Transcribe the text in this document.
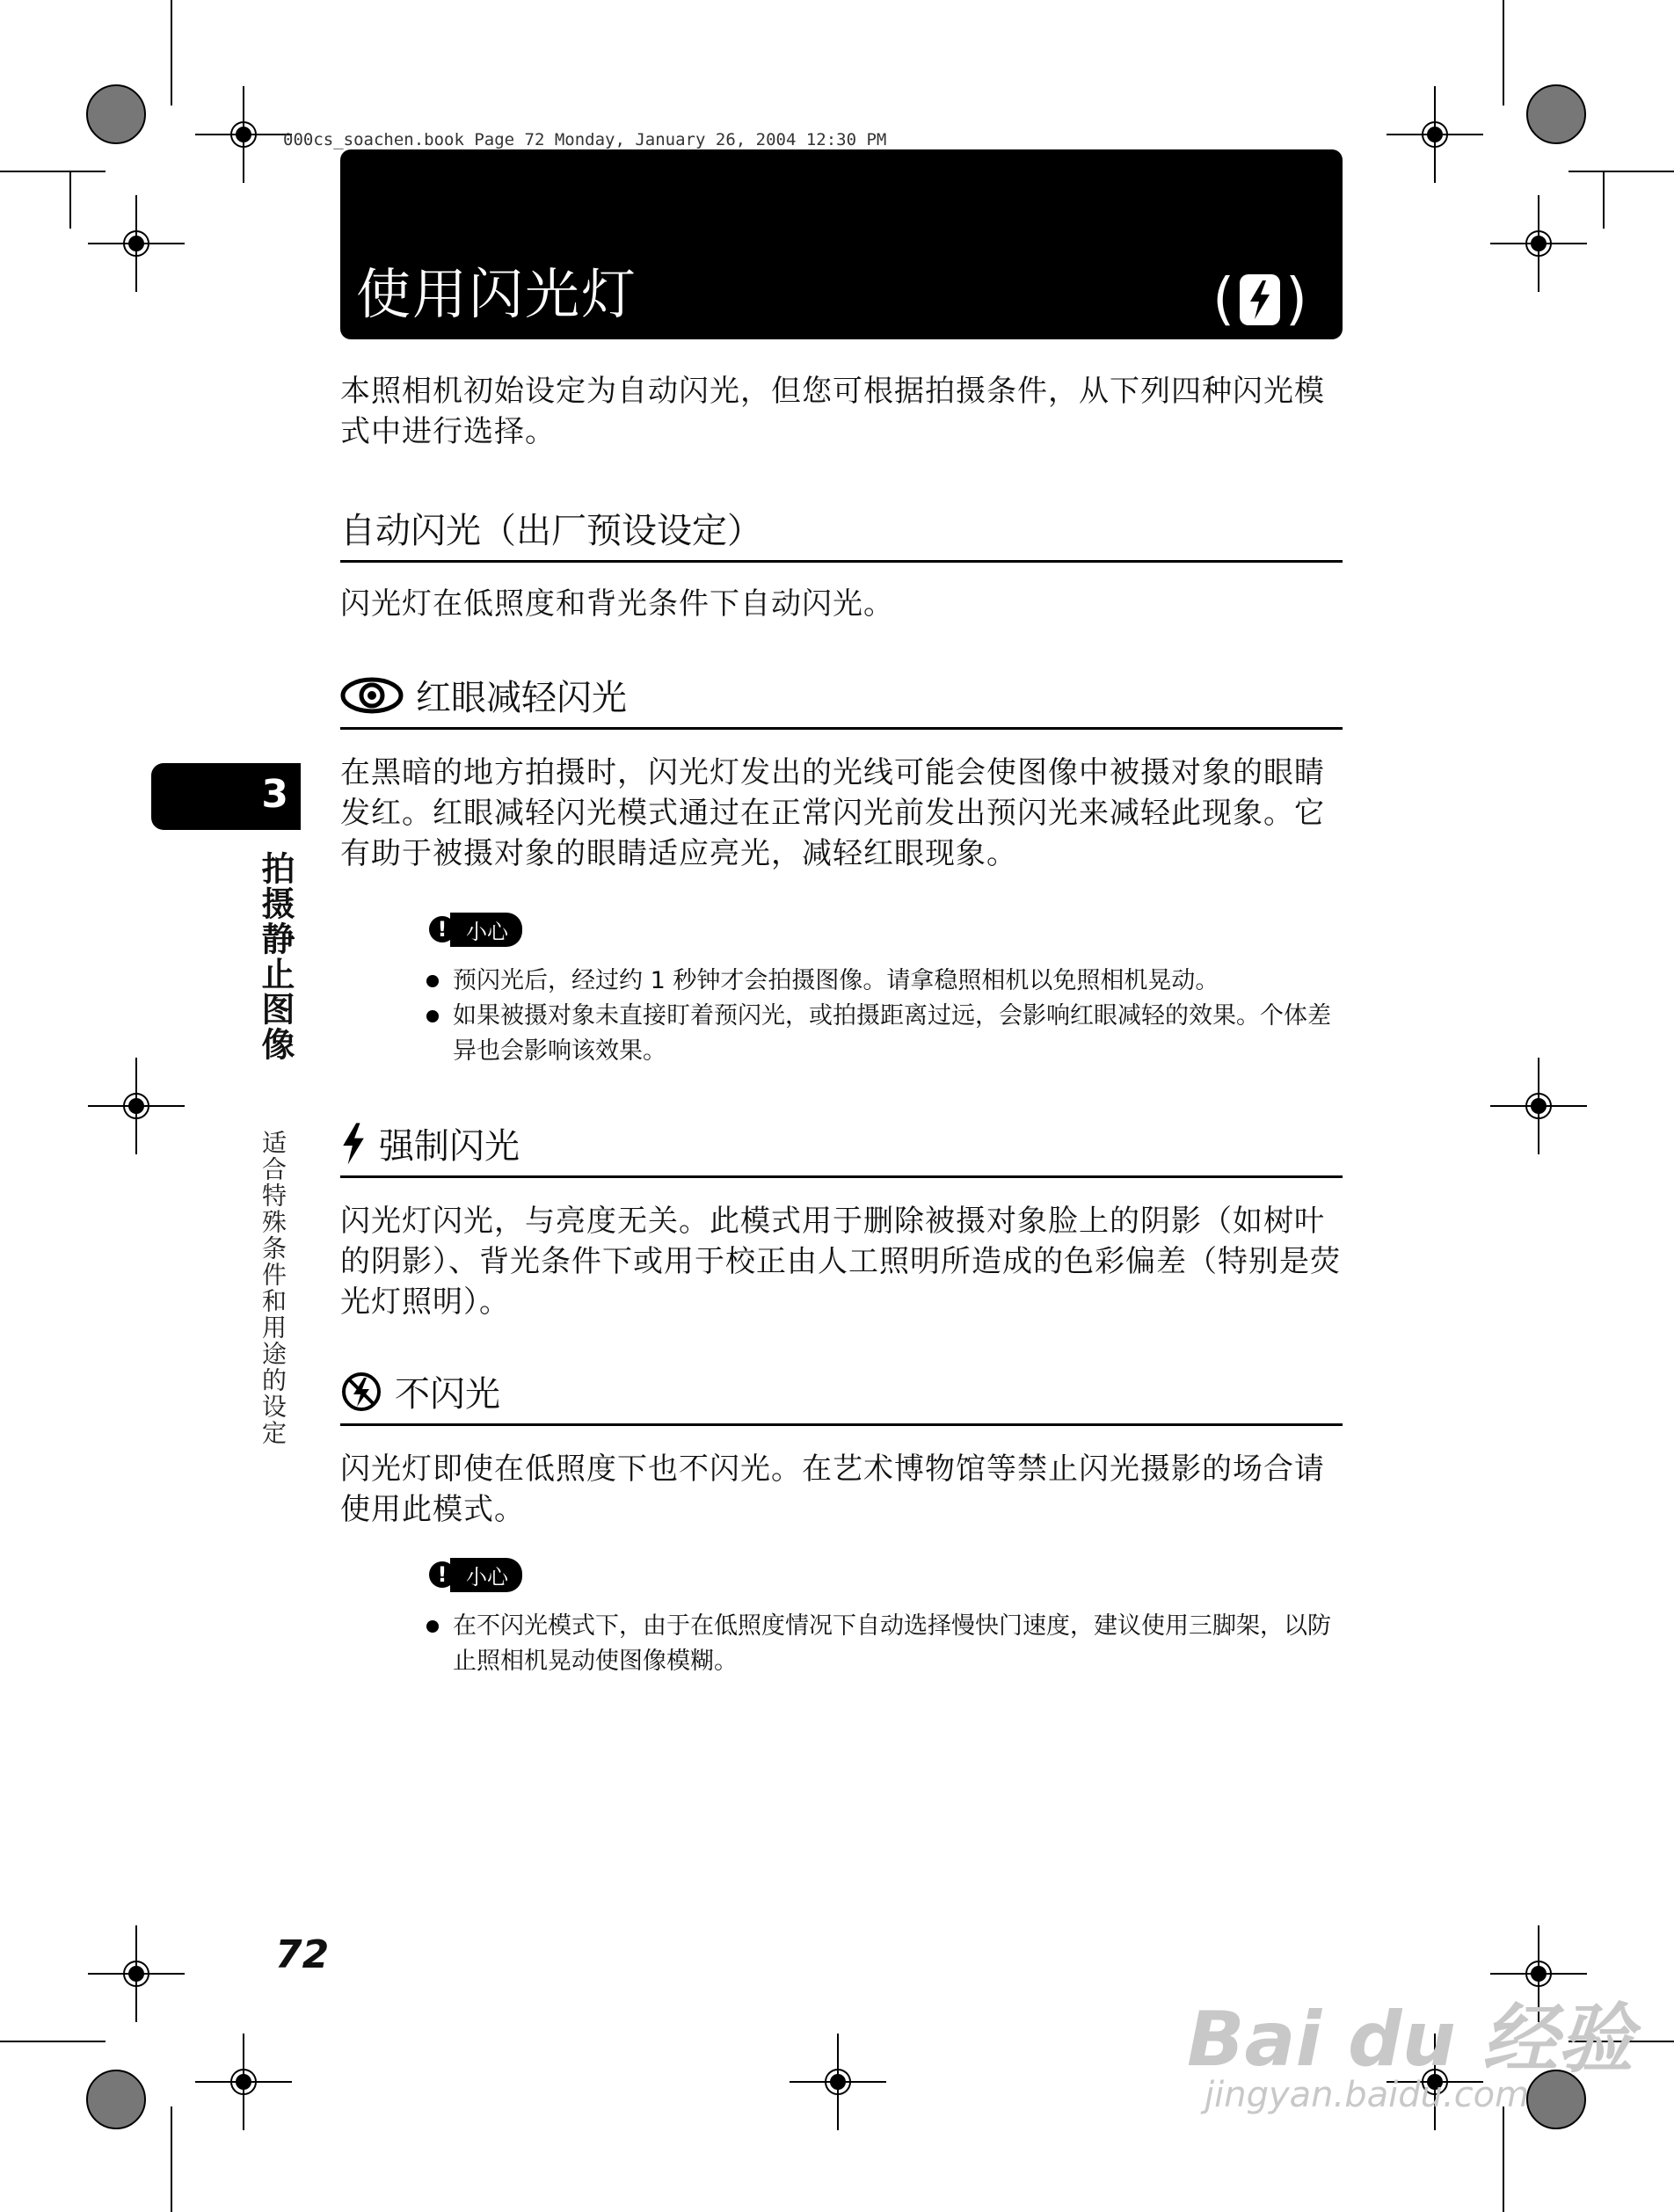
000cs_soachen.book Page 72 Monday, January 26, 2004 12:30 PM
使用闪光灯	( )

本照相机初始设定为自动闪光，但您可根据拍摄条件，从下列四种闪光模式中进行选择。

自动闪光（出厂预设设定）

闪光灯在低照度和背光条件下自动闪光。

红眼减轻闪光

在黑暗的地方拍摄时，闪光灯发出的光线可能会使图像中被摄对象的眼睛发红。红眼减轻闪光模式通过在正常闪光前发出预闪光来减轻此现象。它有助于被摄对象的眼睛适应亮光，减轻红眼现象。

! 小心
预闪光后，经过约 1 秒钟才会拍摄图像。请拿稳照相机以免照相机晃动。
如果被摄对象未直接盯着预闪光，或拍摄距离过远，会影响红眼减轻的效果。个体差异也会影响该效果。
强制闪光

闪光灯闪光，与亮度无关。此模式用于删除被摄对象脸上的阴影（如树叶的阴影）、背光条件下或用于校正由人工照明所造成的色彩偏差（特别是荧光灯照明）。

不闪光

闪光灯即使在低照度下也不闪光。在艺术博物馆等禁止闪光摄影的场合请使用此模式。

! 小心
在不闪光模式下，由于在低照度情况下自动选择慢快门速度，建议使用三脚架，以防止照相机晃动使图像模糊。
3
拍摄静止图像
适合特殊条件和用途的设定
72
Bai du 经验
jingyan.baidu.com
